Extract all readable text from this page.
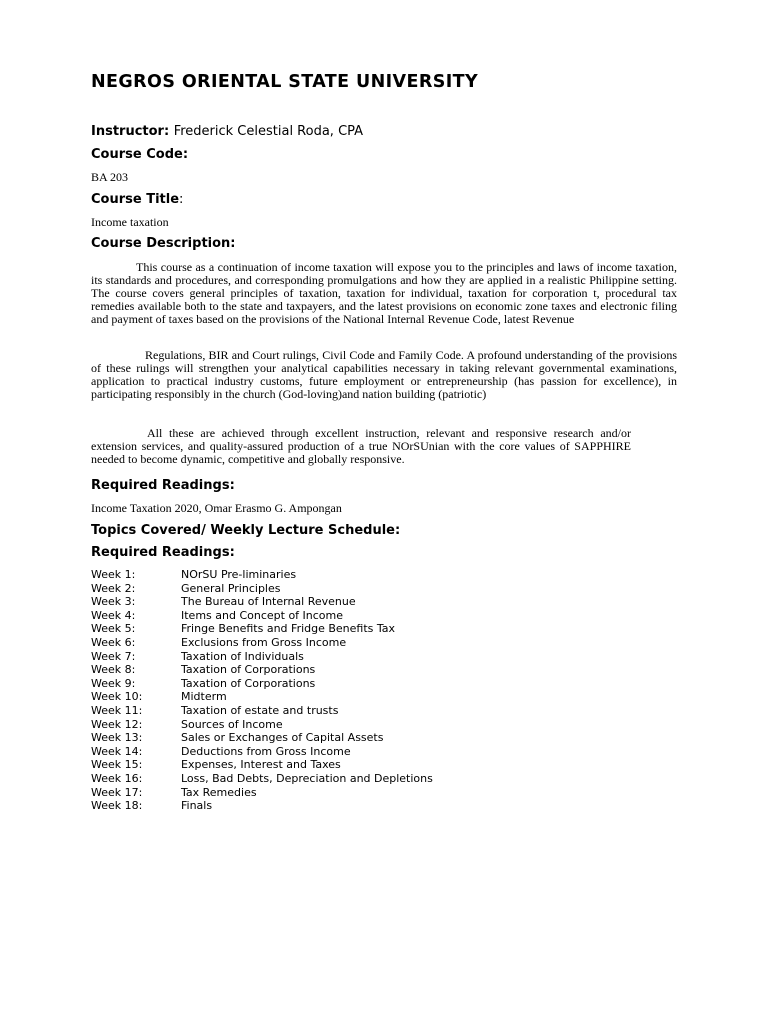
NEGROS ORIENTAL STATE UNIVERSITY
Instructor: Frederick Celestial Roda, CPA
Course Code:
BA 203
Course Title:
Income taxation
Course Description:
This course as a continuation of income taxation will expose you to the principles and laws of income taxation, its standards and procedures, and corresponding promulgations and how they are applied in a realistic Philippine setting. The course covers general principles of taxation, taxation for individual, taxation for corporation t, procedural tax remedies available both to the state and taxpayers, and the latest provisions on economic zone taxes and electronic filing and payment of taxes based on the provisions of the National Internal Revenue Code, latest Revenue
Regulations, BIR and Court rulings, Civil Code and Family Code. A profound understanding of the provisions of these rulings will strengthen your analytical capabilities necessary in taking relevant governmental examinations, application to practical industry customs, future employment or entrepreneurship (has passion for excellence), in participating responsibly in the church (God-loving)and nation building (patriotic)
All these are achieved through excellent instruction, relevant and responsive research and/or extension services, and quality-assured production of a true NOrSUnian with the core values of SAPPHIRE needed to become dynamic, competitive and globally responsive.
Required Readings:
Income Taxation 2020, Omar Erasmo G. Ampongan
Topics Covered/ Weekly Lecture Schedule:
Required Readings:
Week 1:	NOrSU Pre-liminaries
Week 2:	General Principles
Week 3:	The Bureau of Internal Revenue
Week 4:	Items and Concept of Income
Week 5:	Fringe Benefits and Fridge Benefits Tax
Week 6:	Exclusions from Gross Income
Week 7:	Taxation of Individuals
Week 8:	Taxation of Corporations
Week 9:	Taxation of Corporations
Week 10:	Midterm
Week 11:	Taxation of estate and trusts
Week 12:	Sources of Income
Week 13:	Sales or Exchanges of Capital Assets
Week 14:	Deductions from Gross Income
Week 15:	Expenses, Interest and Taxes
Week 16:	Loss, Bad Debts, Depreciation and Depletions
Week 17:	Tax Remedies
Week 18:	Finals
